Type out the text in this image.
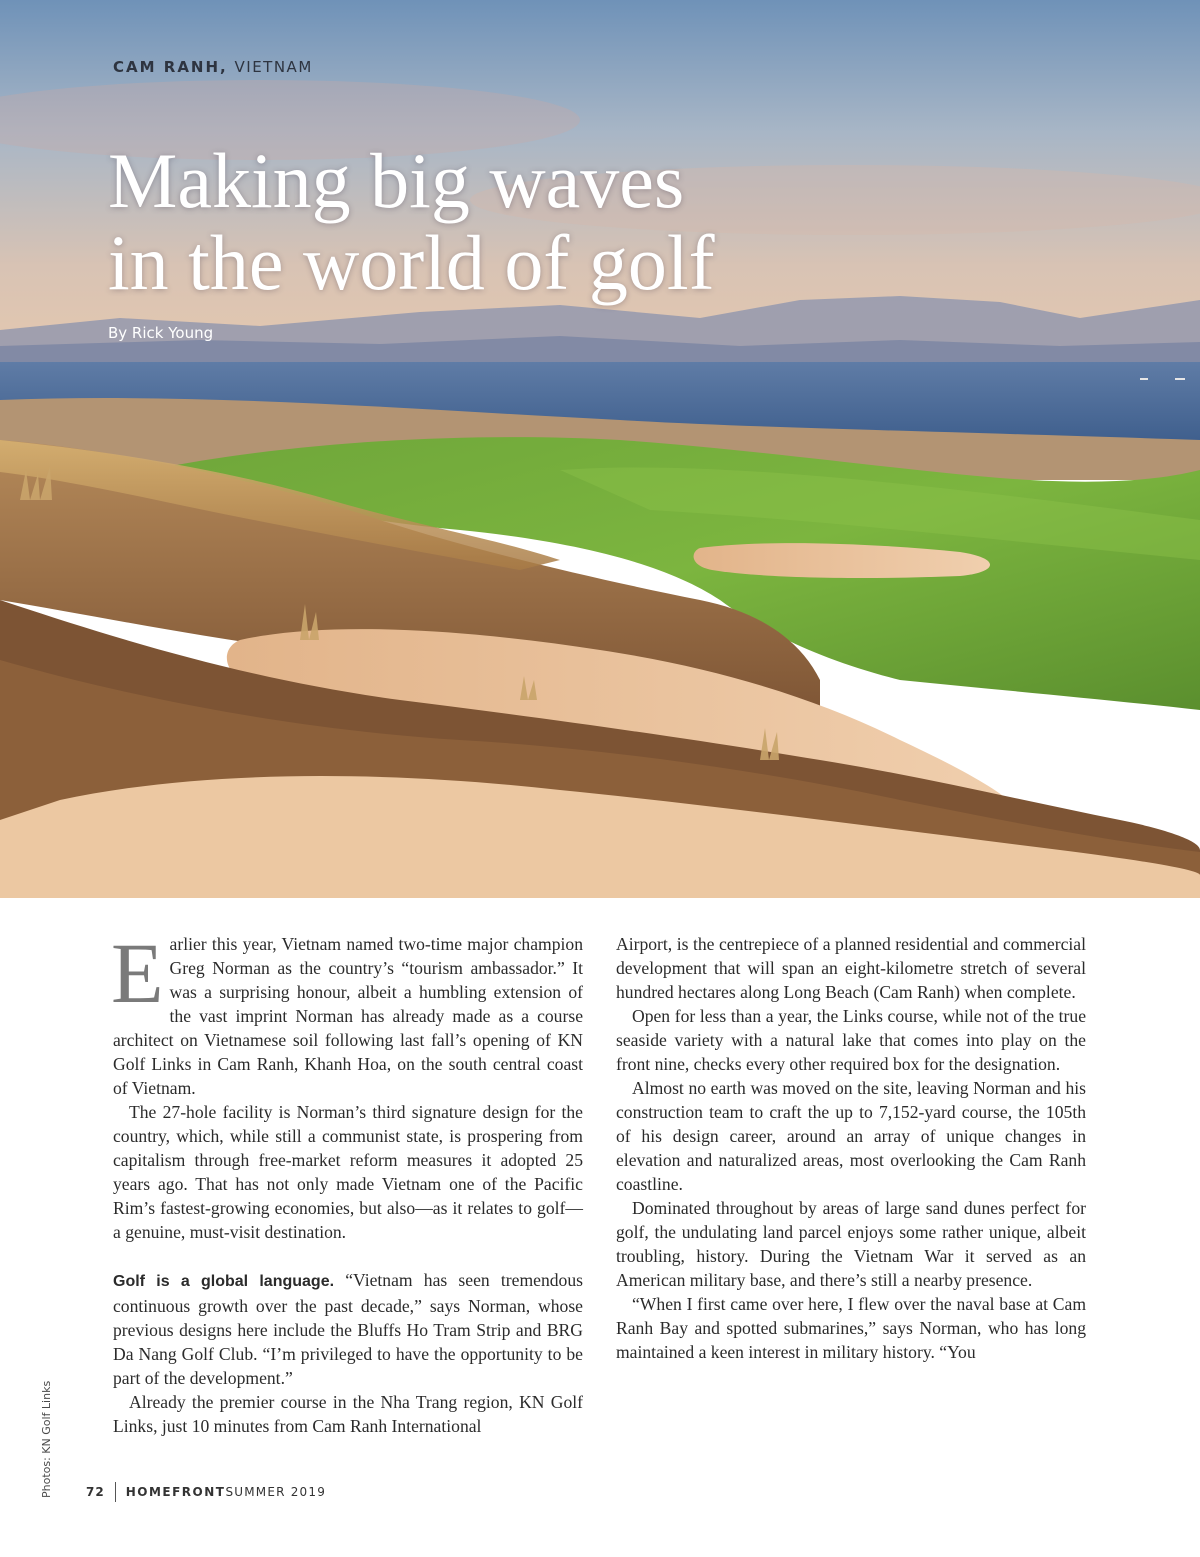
CAM RANH, VIETNAM
Making big waves
in the world of golf
By Rick Young

Earlier this year, Vietnam named two-time major champion Greg Norman as the country’s “tourism ambassador.” It was a surprising honour, albeit a humbling extension of the vast imprint Norman has already made as a course architect on Vietnamese soil following last fall’s opening of KN Golf Links in Cam Ranh, Khanh Hoa, on the south central coast of Vietnam.

The 27-hole facility is Norman’s third signature design for the country, which, while still a communist state, is prospering from capitalism through free-market reform measures it adopted 25 years ago. That has not only made Vietnam one of the Pacific Rim’s fastest-growing economies, but also—as it relates to golf—a genuine, must-visit destination.

Golf is a global language. “Vietnam has seen tremendous continuous growth over the past decade,” says Norman, whose previous designs here include the Bluffs Ho Tram Strip and BRG Da Nang Golf Club. “I’m privileged to have the opportunity to be part of the development.”

Already the premier course in the Nha Trang region, KN Golf Links, just 10 minutes from Cam Ranh International

Airport, is the centrepiece of a planned residential and commercial development that will span an eight-kilometre stretch of several hundred hectares along Long Beach (Cam Ranh) when complete.

Open for less than a year, the Links course, while not of the true seaside variety with a natural lake that comes into play on the front nine, checks every other required box for the designation.

Almost no earth was moved on the site, leaving Norman and his construction team to craft the up to 7,152-yard course, the 105th of his design career, around an array of unique changes in elevation and naturalized areas, most overlooking the Cam Ranh coastline.

Dominated throughout by areas of large sand dunes perfect for golf, the undulating land parcel enjoys some rather unique, albeit troubling, history. During the Vietnam War it served as an American military base, and there’s still a nearby presence.

“When I first came over here, I flew over the naval base at Cam Ranh Bay and spotted submarines,” says Norman, who has long maintained a keen interest in military history. “You

Photos: KN Golf Links	72 HOMEFRONT SUMMER 2019
